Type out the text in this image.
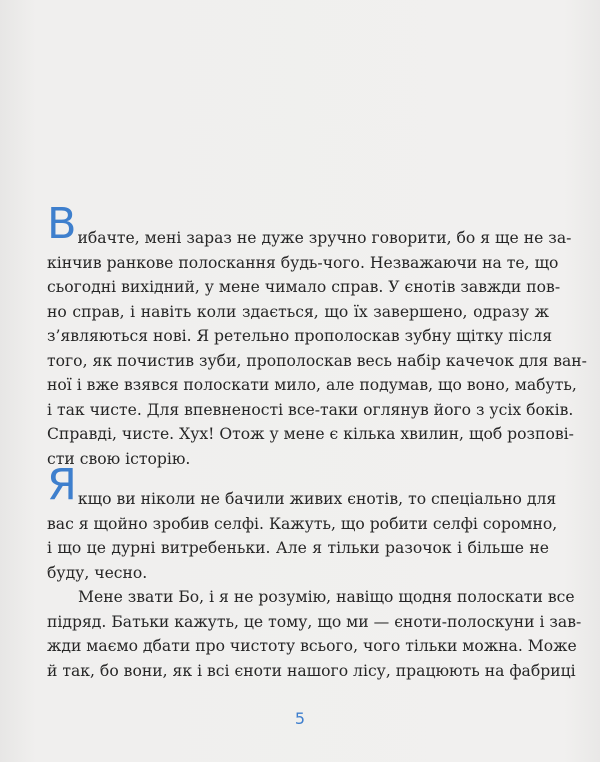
Вибачте, мені зараз не дуже зручно говорити, бо я ще не за-
кінчив ранкове полоскання будь-чого. Незважаючи на те, що
сьогодні вихідний, у мене чимало справ. У єнотів завжди пов-
но справ, і навіть коли здається, що їх завершено, одразу ж
з’являються нові. Я ретельно прополоскав зубну щітку після
того, як почистив зуби, прополоскав весь набір качечок для ван-
ної і вже взявся полоскати мило, але подумав, що воно, мабуть,
і так чисте. Для впевненості все-таки оглянув його з усіх боків.
Справді, чисте. Хух! Отож у мене є кілька хвилин, щоб розпові-
сти свою історію.
Якщо ви ніколи не бачили живих єнотів, то спеціально для
вас я щойно зробив селфі. Кажуть, що робити селфі соромно,
і що це дурні витребеньки. Але я тільки разочок і більше не
буду, чесно.
Мене звати Бо, і я не розумію, навіщо щодня полоскати все
підряд. Батьки кажуть, це тому, що ми — єноти-полоскуни і зав-
жди маємо дбати про чистоту всього, чого тільки можна. Може
й так, бо вони, як і всі єноти нашого лісу, працюють на фабриці
5
